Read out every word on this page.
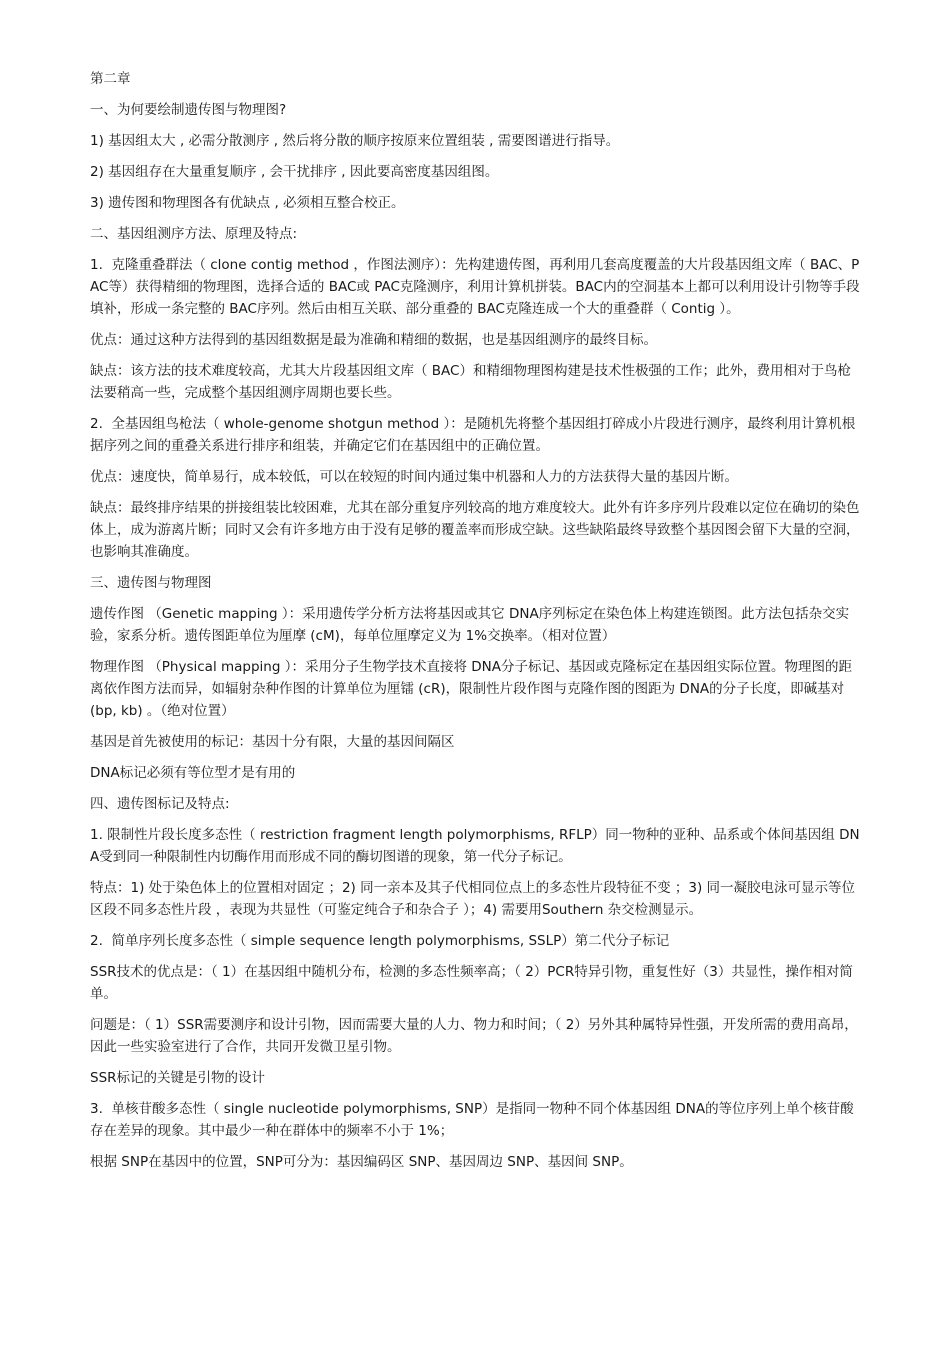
第二章

一、为何要绘制遗传图与物理图?

1) 基因组太大 , 必需分散测序 , 然后将分散的顺序按原来位置组装 , 需要图谱进行指导。

2) 基因组存在大量重复顺序 , 会干扰排序 , 因此要高密度基因组图。

3) 遗传图和物理图各有优缺点 , 必须相互整合校正。

二、基因组测序方法、原理及特点:

1.  克隆重叠群法（ clone contig method ，作图法测序）：先构建遗传图，再利用几套高度覆盖的大片段基因组文库（ BAC、PAC等）获得精细的物理图，选择合适的 BAC或 PAC克隆测序，利用计算机拼装。BAC内的空洞基本上都可以利用设计引物等手段填补，形成一条完整的 BAC序列。然后由相互关联、部分重叠的 BAC克隆连成一个大的重叠群（ Contig ）。

优点：通过这种方法得到的基因组数据是最为准确和精细的数据，也是基因组测序的最终目标。

缺点：该方法的技术难度较高，尤其大片段基因组文库（ BAC）和精细物理图构建是技术性极强的工作；此外，费用相对于鸟枪法要稍高一些，完成整个基因组测序周期也要长些。

2.  全基因组鸟枪法（ whole-genome shotgun method ）：是随机先将整个基因组打碎成小片段进行测序，最终利用计算机根据序列之间的重叠关系进行排序和组装，并确定它们在基因组中的正确位置。

优点：速度快，简单易行，成本较低，可以在较短的时间内通过集中机器和人力的方法获得大量的基因片断。

缺点：最终排序结果的拼接组装比较困难，尤其在部分重复序列较高的地方难度较大。此外有许多序列片段难以定位在确切的染色体上，成为游离片断；同时又会有许多地方由于没有足够的覆盖率而形成空缺。这些缺陷最终导致整个基因图会留下大量的空洞，也影响其准确度。

三、遗传图与物理图

遗传作图 （Genetic mapping ）：采用遗传学分析方法将基因或其它 DNA序列标定在染色体上构建连锁图。此方法包括杂交实验，家系分析。遗传图距单位为厘摩 (cM)，每单位厘摩定义为 1%交换率。（相对位置）

物理作图 （Physical mapping ）：采用分子生物学技术直接将 DNA分子标记、基因或克隆标定在基因组实际位置。物理图的距离依作图方法而异，如辐射杂种作图的计算单位为厘镭 (cR)，限制性片段作图与克隆作图的图距为 DNA的分子长度，即碱基对 (bp, kb) 。（绝对位置）

基因是首先被使用的标记：基因十分有限，大量的基因间隔区

DNA标记必须有等位型才是有用的

四、遗传图标记及特点:

1. 限制性片段长度多态性（ restriction fragment length polymorphisms, RFLP）同一物种的亚种、品系或个体间基因组 DNA受到同一种限制性内切酶作用而形成不同的酶切图谱的现象，第一代分子标记。

特点：1) 处于染色体上的位置相对固定 ；2) 同一亲本及其子代相同位点上的多态性片段特征不变 ；3) 同一凝胶电泳可显示等位区段不同多态性片段 ，表现为共显性（可鉴定纯合子和杂合子 ）；4) 需要用Southern 杂交检测显示。

2.  简单序列长度多态性（ simple sequence length polymorphisms, SSLP）第二代分子标记

SSR技术的优点是：（ 1）在基因组中随机分布，检测的多态性频率高；（ 2）PCR特异引物，重复性好（3）共显性，操作相对简单。

问题是：（ 1）SSR需要测序和设计引物，因而需要大量的人力、物力和时间；（ 2）另外其种属特异性强，开发所需的费用高昂，因此一些实验室进行了合作，共同开发微卫星引物。

SSR标记的关键是引物的设计

3.  单核苷酸多态性（ single nucleotide polymorphisms, SNP）是指同一物种不同个体基因组 DNA的等位序列上单个核苷酸存在差异的现象。其中最少一种在群体中的频率不小于 1%；

根据 SNP在基因中的位置，SNP可分为：基因编码区 SNP、基因周边 SNP、基因间 SNP。
